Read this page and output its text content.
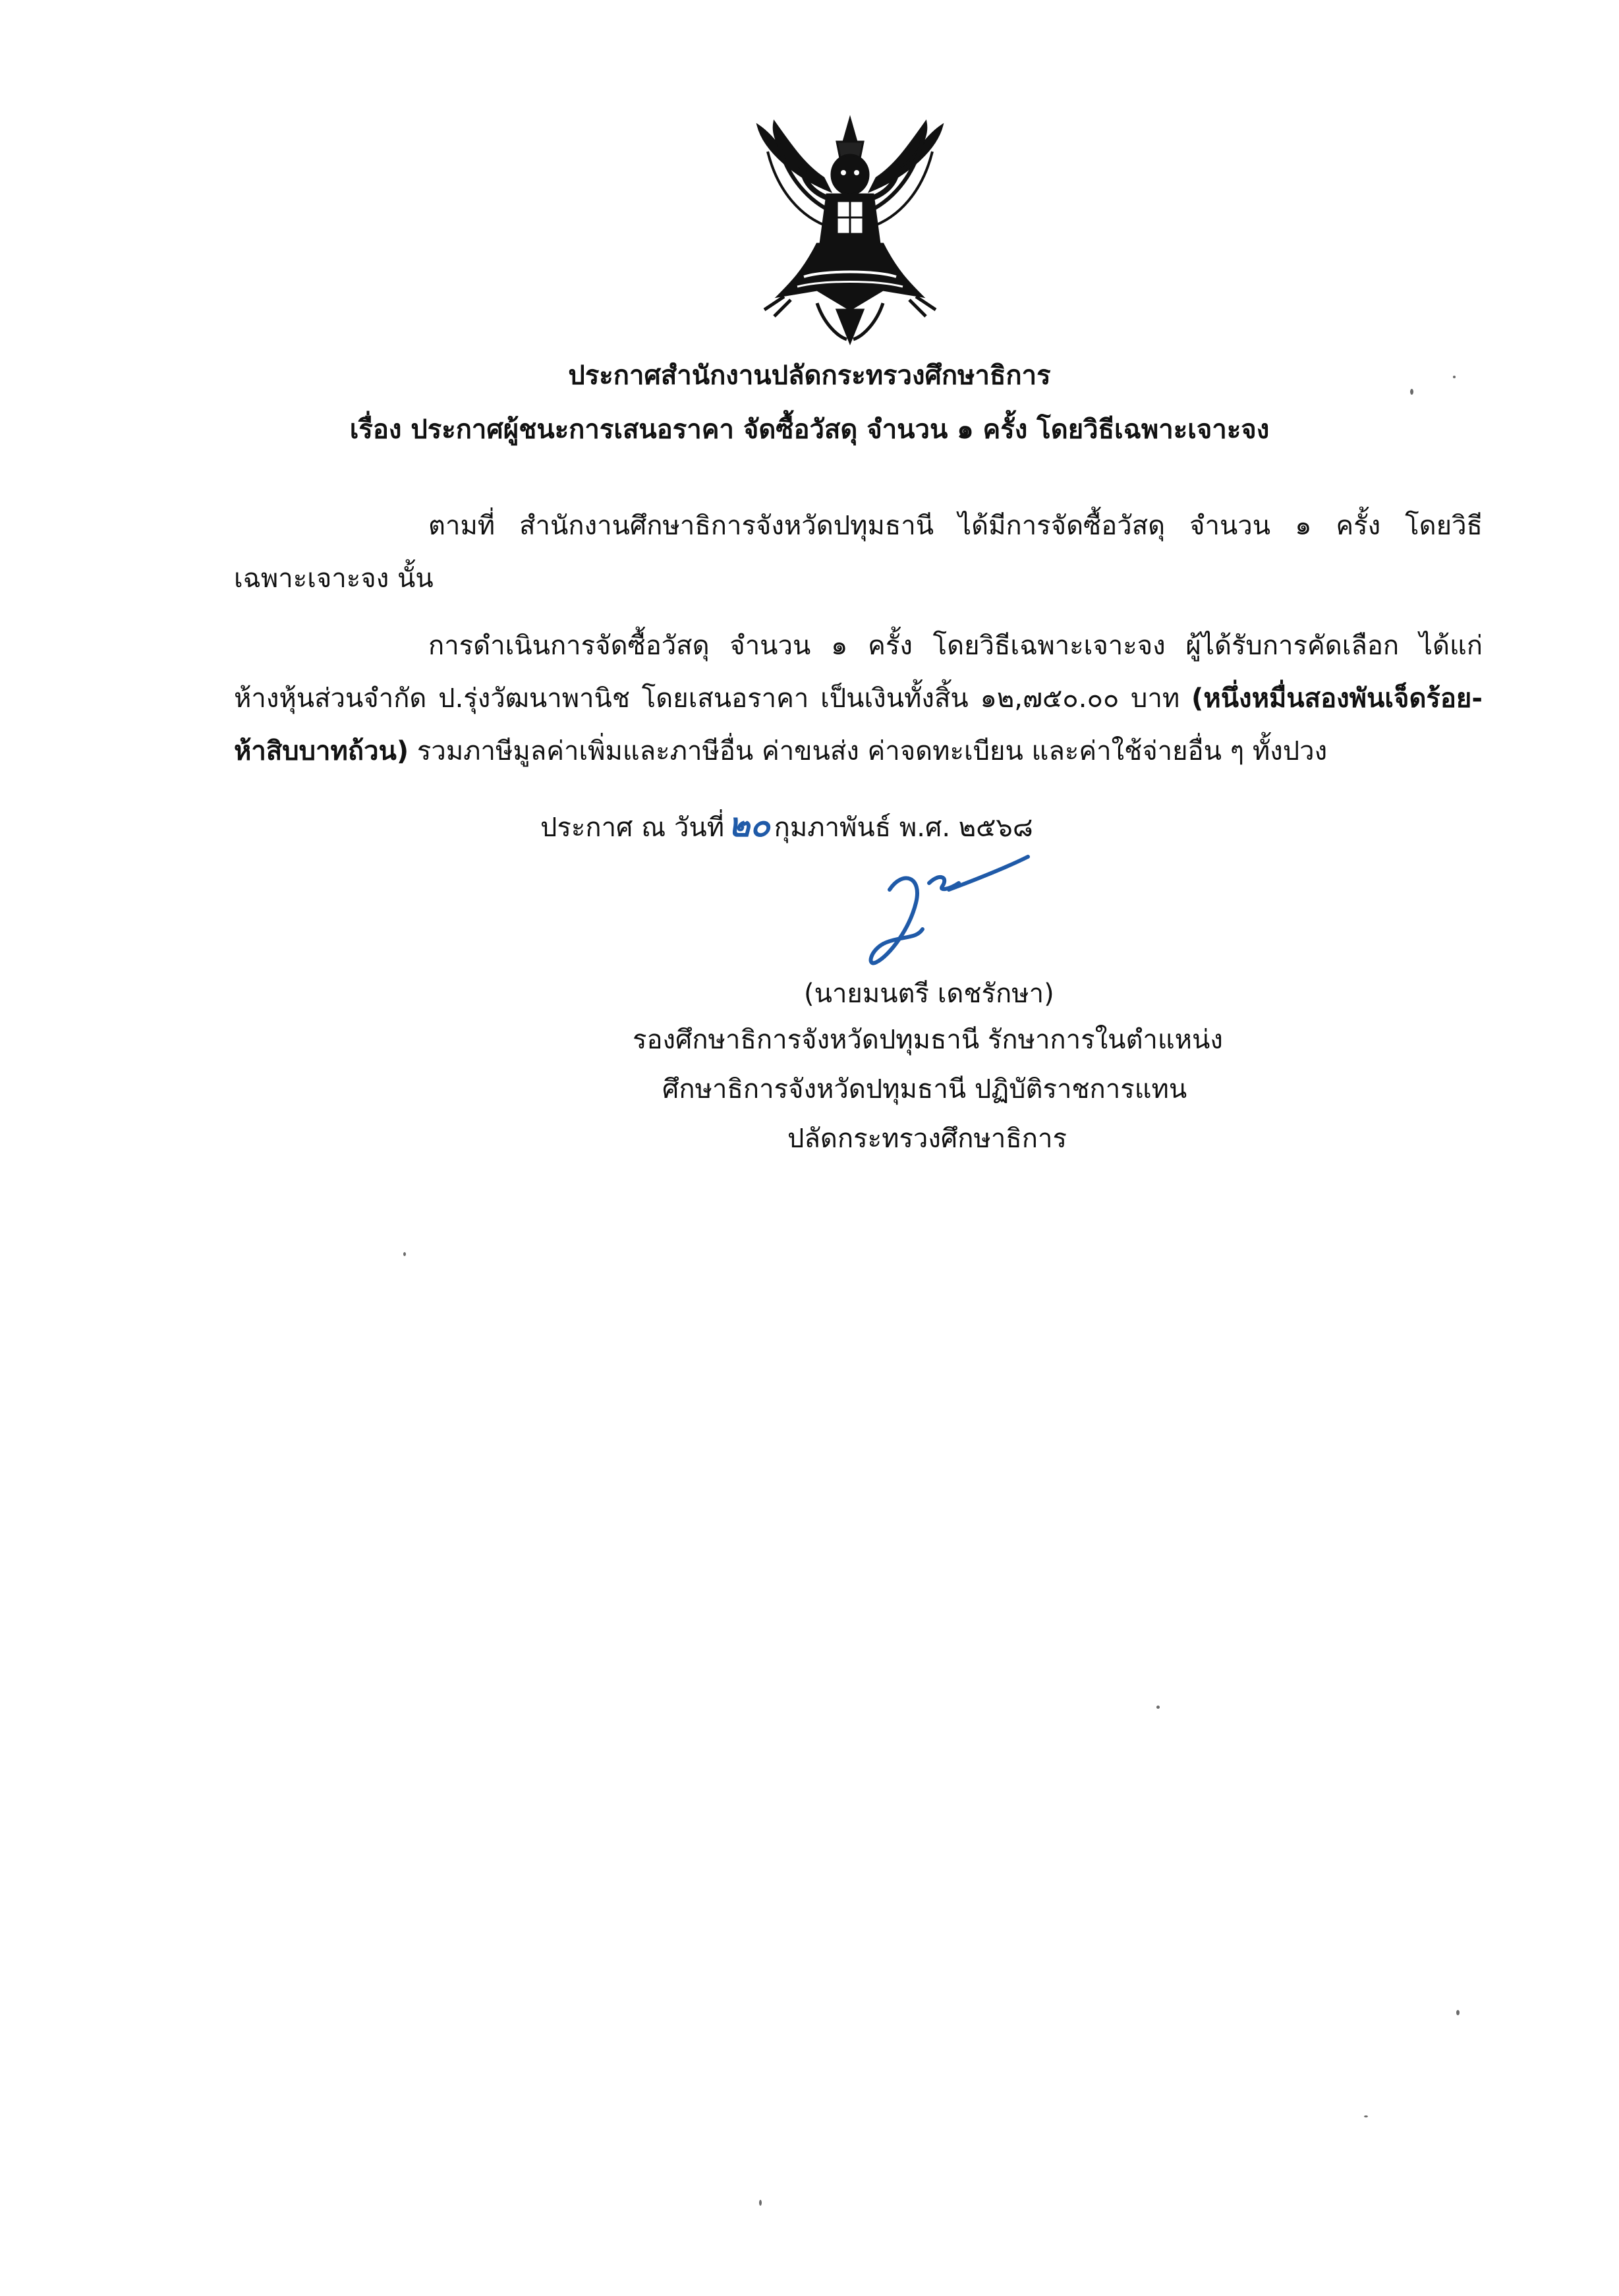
ประกาศสำนักงานปลัดกระทรวงศึกษาธิการ
เรื่อง ประกาศผู้ชนะการเสนอราคา จัดซื้อวัสดุ จำนวน ๑ ครั้ง โดยวิธีเฉพาะเจาะจง
ตามที่ สำนักงานศึกษาธิการจังหวัดปทุมธานี ได้มีการจัดซื้อวัสดุ จำนวน ๑ ครั้ง โดยวิธี
เฉพาะเจาะจง นั้น
การดำเนินการจัดซื้อวัสดุ จำนวน ๑ ครั้ง โดยวิธีเฉพาะเจาะจง ผู้ได้รับการคัดเลือก ได้แก่
ห้างหุ้นส่วนจำกัด ป.รุ่งวัฒนาพานิช โดยเสนอราคา เป็นเงินทั้งสิ้น ๑๒,๗๕๐.๐๐ บาท (หนึ่งหมื่นสองพันเจ็ดร้อย-
ห้าสิบบาทถ้วน) รวมภาษีมูลค่าเพิ่มและภาษีอื่น ค่าขนส่ง ค่าจดทะเบียน และค่าใช้จ่ายอื่น ๆ ทั้งปวง
ประกาศ ณ วันที่ ๒๐ กุมภาพันธ์ พ.ศ. ๒๕๖๘
(นายมนตรี เดชรักษา)
รองศึกษาธิการจังหวัดปทุมธานี รักษาการในตำแหน่ง
ศึกษาธิการจังหวัดปทุมธานี ปฏิบัติราชการแทน
ปลัดกระทรวงศึกษาธิการ
